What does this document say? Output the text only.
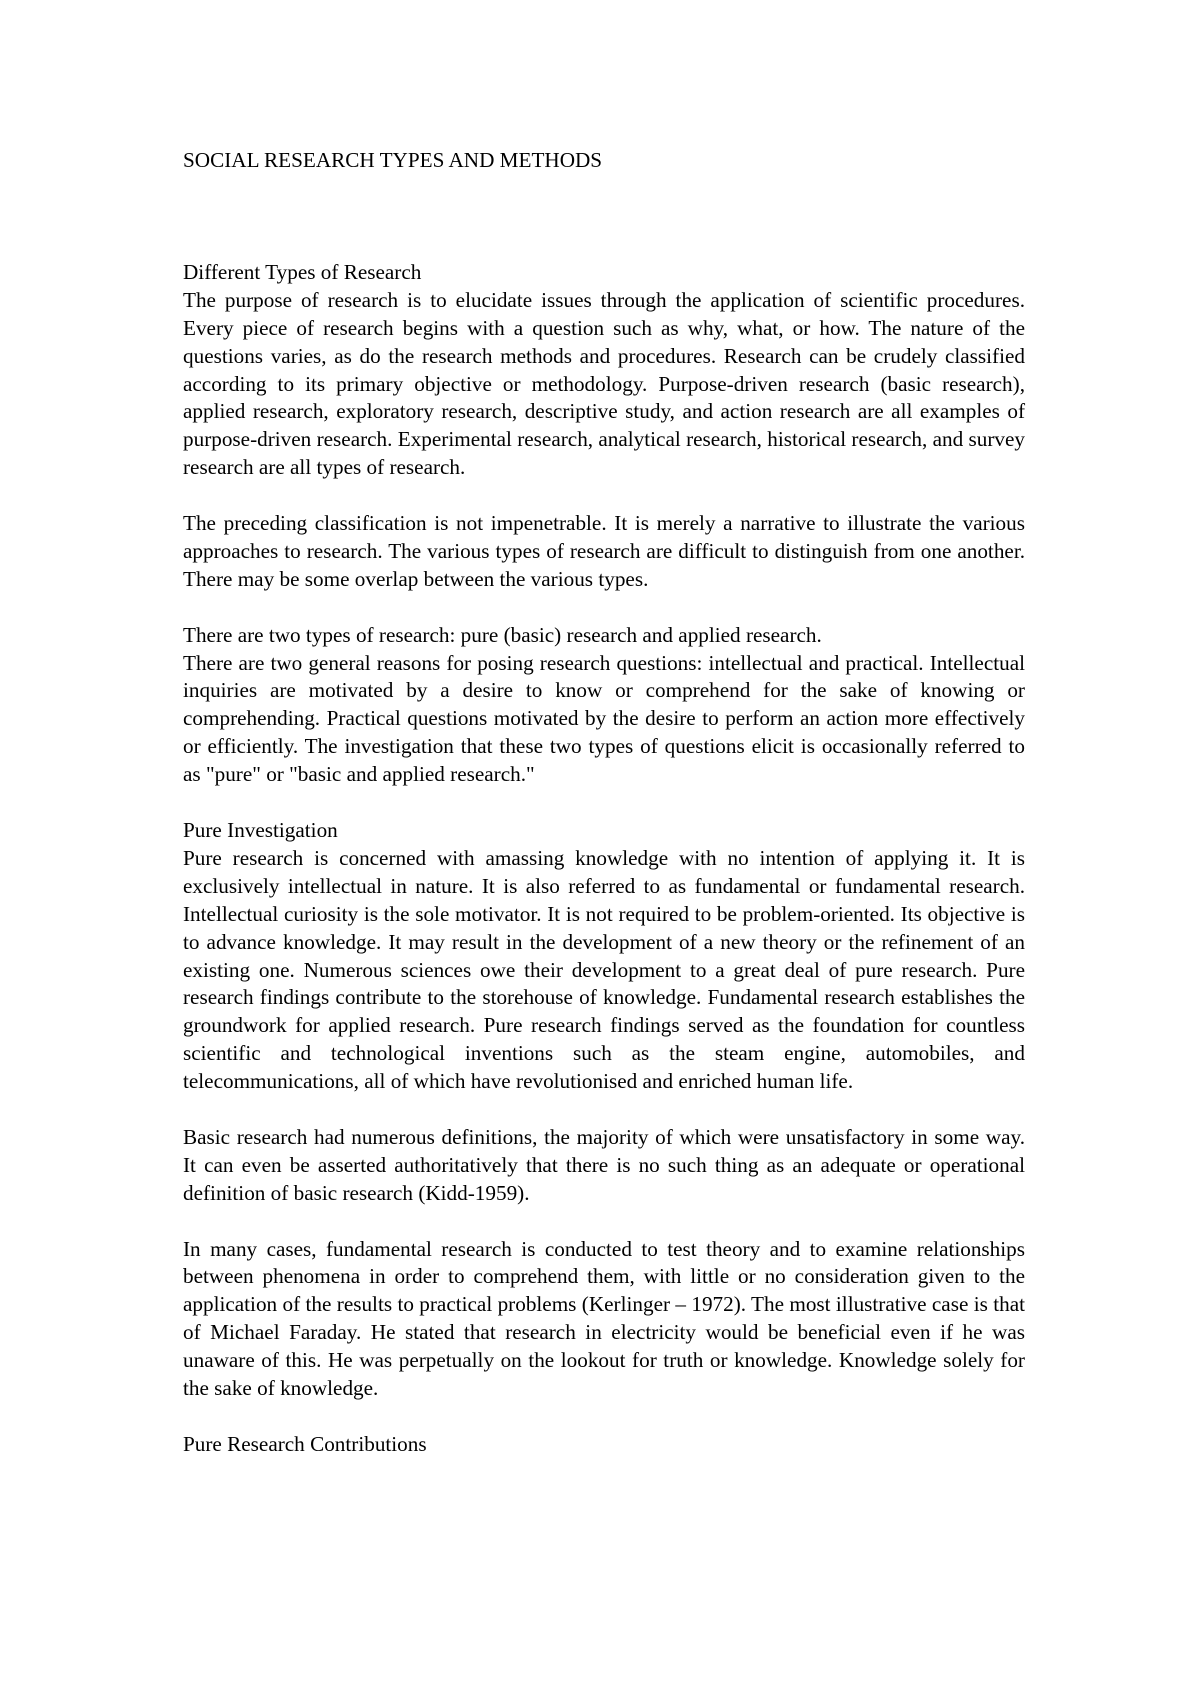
SOCIAL RESEARCH TYPES AND METHODS
Different Types of Research

The purpose of research is to elucidate issues through the application of scientific procedures. Every piece of research begins with a question such as why, what, or how. The nature of the questions varies, as do the research methods and procedures. Research can be crudely classified according to its primary objective or methodology. Purpose-driven research (basic research), applied research, exploratory research, descriptive study, and action research are all examples of purpose-driven research. Experimental research, analytical research, historical research, and survey research are all types of research.

The preceding classification is not impenetrable. It is merely a narrative to illustrate the various approaches to research. The various types of research are difficult to distinguish from one another. There may be some overlap between the various types.

There are two types of research: pure (basic) research and applied research.

There are two general reasons for posing research questions: intellectual and practical. Intellectual inquiries are motivated by a desire to know or comprehend for the sake of knowing or comprehending. Practical questions motivated by the desire to perform an action more effectively or efficiently. The investigation that these two types of questions elicit is occasionally referred to as "pure" or "basic and applied research."

Pure Investigation

Pure research is concerned with amassing knowledge with no intention of applying it. It is exclusively intellectual in nature. It is also referred to as fundamental or fundamental research. Intellectual curiosity is the sole motivator. It is not required to be problem-oriented. Its objective is to advance knowledge. It may result in the development of a new theory or the refinement of an existing one. Numerous sciences owe their development to a great deal of pure research. Pure research findings contribute to the storehouse of knowledge. Fundamental research establishes the groundwork for applied research. Pure research findings served as the foundation for countless scientific and technological inventions such as the steam engine, automobiles, and telecommunications, all of which have revolutionised and enriched human life.

Basic research had numerous definitions, the majority of which were unsatisfactory in some way. It can even be asserted authoritatively that there is no such thing as an adequate or operational definition of basic research (Kidd-1959).

In many cases, fundamental research is conducted to test theory and to examine relationships between phenomena in order to comprehend them, with little or no consideration given to the application of the results to practical problems (Kerlinger – 1972). The most illustrative case is that of Michael Faraday. He stated that research in electricity would be beneficial even if he was unaware of this. He was perpetually on the lookout for truth or knowledge. Knowledge solely for the sake of knowledge.

Pure Research Contributions
